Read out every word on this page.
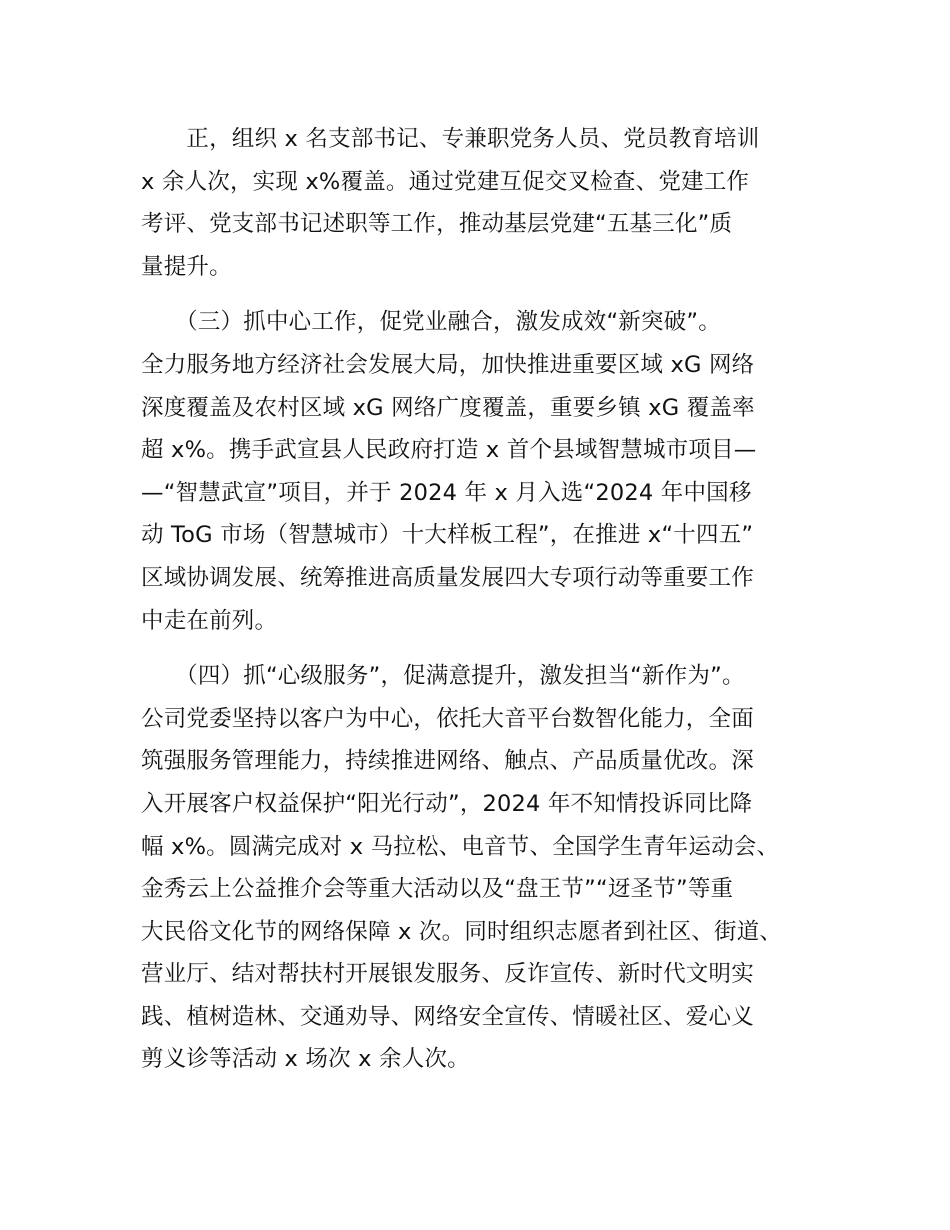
　　正，组织 x 名支部书记、专兼职党务人员、党员教育培训
x 余人次，实现 x%覆盖。通过党建互促交叉检查、党建工作
考评、党支部书记述职等工作，推动基层党建“五基三化”质
量提升。
　　（三）抓中心工作，促党业融合，激发成效“新突破”。
全力服务地方经济社会发展大局，加快推进重要区域 xG 网络
深度覆盖及农村区域 xG 网络广度覆盖，重要乡镇 xG 覆盖率
超 x%。携手武宣县人民政府打造 x 首个县域智慧城市项目—
—“智慧武宣”项目，并于 2024 年 x 月入选“2024 年中国移
动 ToG 市场（智慧城市）十大样板工程”，在推进 x“十四五”
区域协调发展、统筹推进高质量发展四大专项行动等重要工作
中走在前列。
　　（四）抓“心级服务”，促满意提升，激发担当“新作为”。
公司党委坚持以客户为中心，依托大音平台数智化能力，全面
筑强服务管理能力，持续推进网络、触点、产品质量优改。深
入开展客户权益保护“阳光行动”，2024 年不知情投诉同比降
幅 x%。圆满完成对 x 马拉松、电音节、全国学生青年运动会、
金秀云上公益推介会等重大活动以及“盘王节”“迓圣节”等重
大民俗文化节的网络保障 x 次。同时组织志愿者到社区、街道、
营业厅、结对帮扶村开展银发服务、反诈宣传、新时代文明实
践、植树造林、交通劝导、网络安全宣传、情暖社区、爱心义
剪义诊等活动 x 场次 x 余人次。
